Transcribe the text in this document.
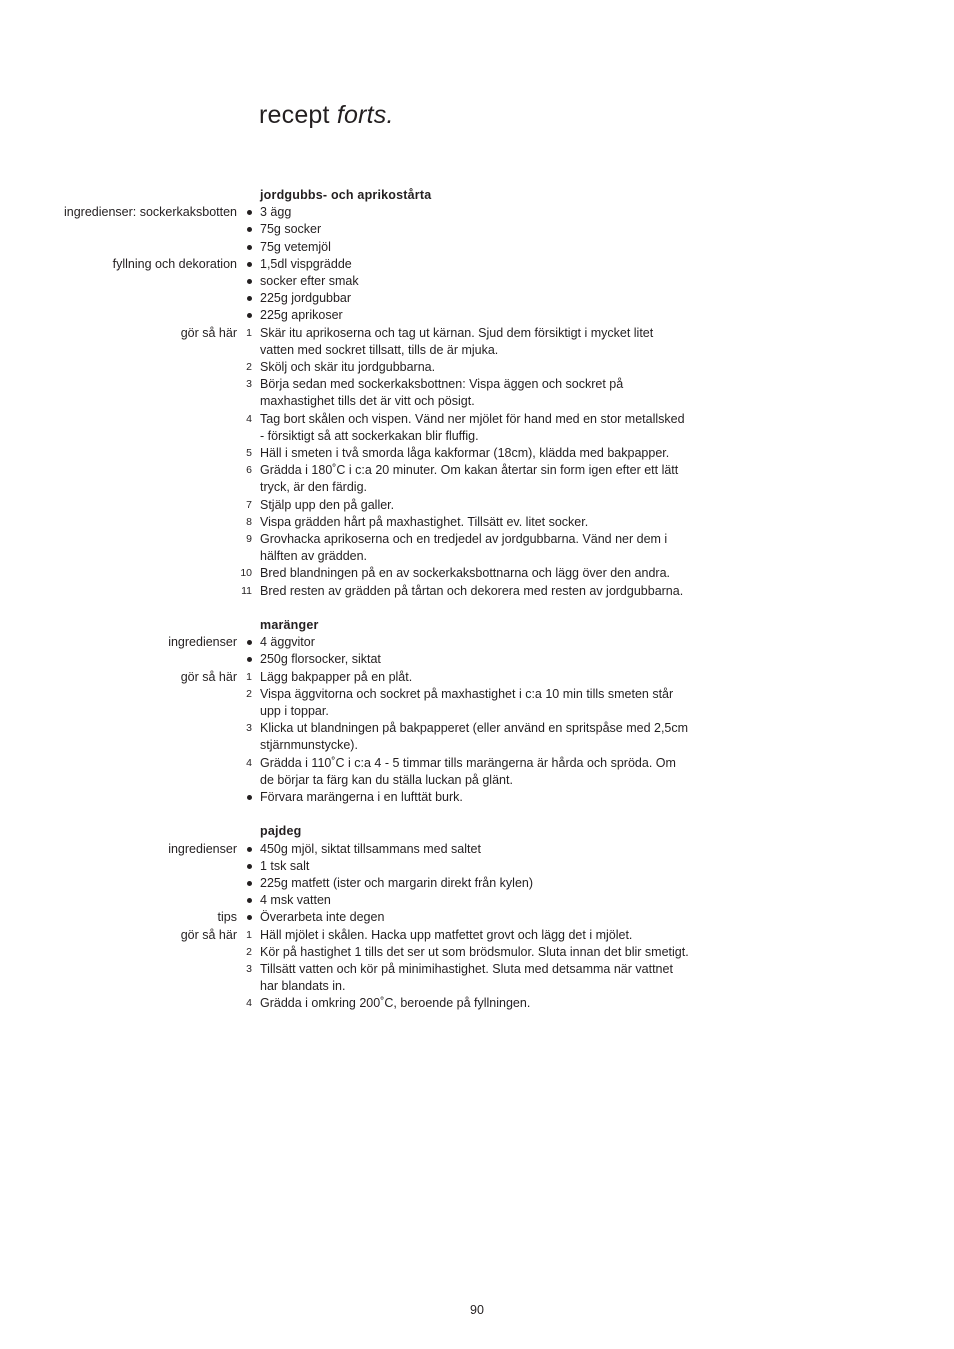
recept forts.
jordgubbs- och aprikostårta
ingredienser: sockerkaksbotten 3 ägg
75g socker
75g vetemjöl
fyllning och dekoration 1,5dl vispgrädde
socker efter smak
225g jordgubbar
225g aprikoser
gör så här 1 Skär itu aprikoserna och tag ut kärnan. Sjud dem försiktigt i mycket litet vatten med sockret tillsatt, tills de är mjuka.
2 Skölj och skär itu jordgubbarna.
3 Börja sedan med sockerkaksbottnen: Vispa äggen och sockret på maxhastighet tills det är vitt och pösigt.
4 Tag bort skålen och vispen. Vänd ner mjölet för hand med en stor metallsked - försiktigt så att sockerkakan blir fluffig.
5 Häll i smeten i två smorda låga kakformar (18cm), klädda med bakpapper.
6 Grädda i 180˚C i c:a 20 minuter. Om kakan återtar sin form igen efter ett lätt tryck, är den färdig.
7 Stjälp upp den på galler.
8 Vispa grädden hårt på maxhastighet. Tillsätt ev. litet socker.
9 Grovhacka aprikoserna och en tredjedel av jordgubbarna. Vänd ner dem i hälften av grädden.
10 Bred blandningen på en av sockerkaksbottnarna och lägg över den andra.
11 Bred resten av grädden på tårtan och dekorera med resten av jordgubbarna.
maränger
ingredienser 4 äggvitor
250g florsocker, siktat
gör så här 1 Lägg bakpapper på en plåt.
2 Vispa äggvitorna och sockret på maxhastighet i c:a 10 min tills smeten står upp i toppar.
3 Klicka ut blandningen på bakpapperet (eller använd en spritspåse med 2,5cm stjärnmunstycke).
4 Grädda i 110˚C i c:a 4 - 5 timmar tills marängerna är hårda och spröda. Om de börjar ta färg kan du ställa luckan på glänt.
Förvara marängerna i en lufttät burk.
pajdeg
ingredienser 450g mjöl, siktat tillsammans med saltet
1 tsk salt
225g matfett (ister och margarin direkt från kylen)
4 msk vatten
tips Överarbeta inte degen
gör så här 1 Häll mjölet i skålen. Hacka upp matfettet grovt och lägg det i mjölet.
2 Kör på hastighet 1 tills det ser ut som brödsmulor. Sluta innan det blir smetigt.
3 Tillsätt vatten och kör på minimihastighet. Sluta med detsamma när vattnet har blandats in.
4 Grädda i omkring 200˚C, beroende på fyllningen.
90
